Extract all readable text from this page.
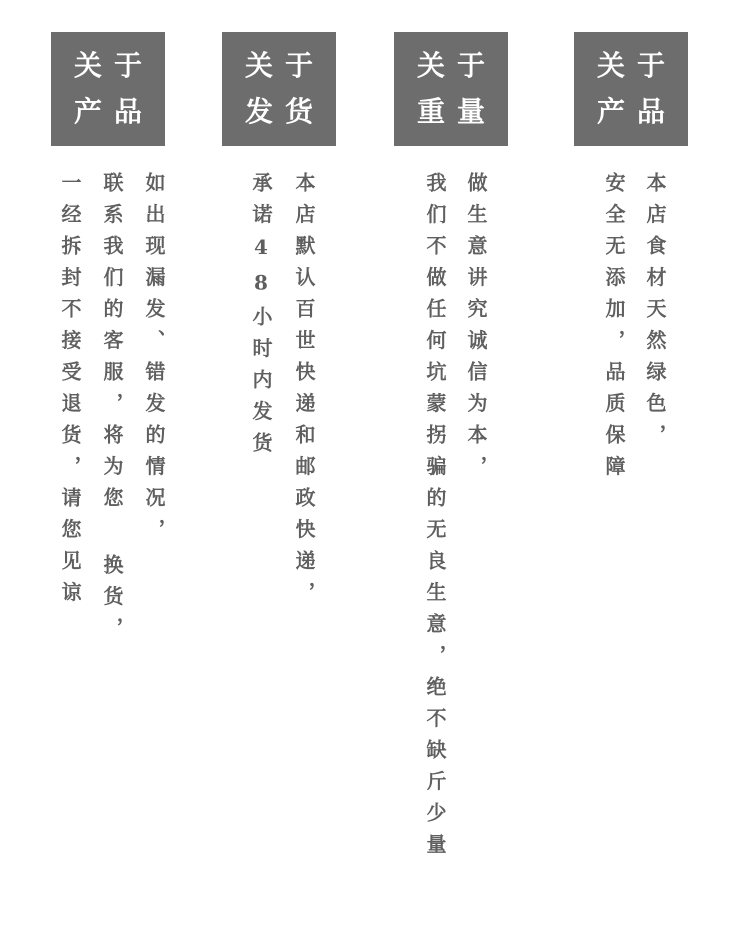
关于
产品
如出现漏发、错发的情况，
联系我们的客服，将为您 换货，
一经拆封不接受退货，请您见谅
关于
发货
本店默认百世快递和邮政快递，
承诺48小时内发货
关于
重量
做生意讲究诚信为本，
我们不做任何坑蒙拐骗的无良生意，绝不缺斤少量
关于
产品
本店食材天然绿色，
安全无添加，品质保障
